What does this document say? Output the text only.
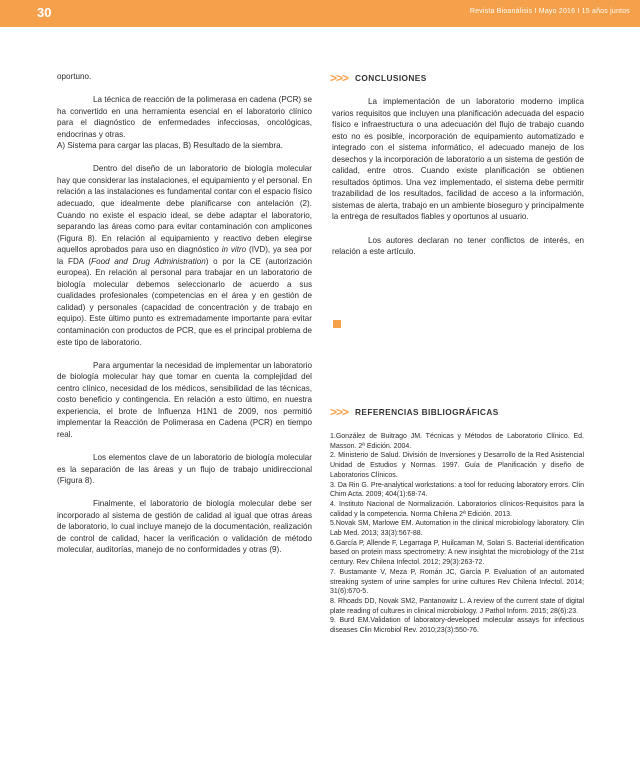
30	Revista Bioanálisis I Mayo 2016 I 15 años juntos

oportuno.

La técnica de reacción de la polimerasa en cadena (PCR) se ha convertido en una herramienta esencial en el laboratorio clínico para el diagnóstico de enfermedades infecciosas, oncológicas, endocrinas y otras.
A) Sistema para cargar las placas, B) Resultado de la siembra.

Dentro del diseño de un laboratorio de biología molecular hay que considerar las instalaciones, el equipamiento y el personal. En relación a las instalaciones es fundamental contar con el espacio físico adecuado, que idealmente debe planificarse con antelación (2). Cuando no existe el espacio ideal, se debe adaptar el laboratorio, separando las áreas como para evitar contaminación con amplicones (Figura 8). En relación al equipamiento y reactivo deben elegirse aquellos aprobados para uso en diagnóstico in vitro (IVD), ya sea por la FDA (Food and Drug Administration) o por la CE (autorización europea). En relación al personal para trabajar en un laboratorio de biología molecular debemos seleccionarlo de acuerdo a sus cualidades profesionales (competencias en el área y en gestión de calidad) y personales (capacidad de concentración y de trabajo en equipo). Este último punto es extremadamente importante para evitar contaminación con productos de PCR, que es el principal problema de este tipo de laboratorio.

Para argumentar la necesidad de implementar un laboratorio de biología molecular hay que tomar en cuenta la complejidad del centro clínico, necesidad de los médicos, sensibilidad de las técnicas, costo beneficio y contingencia. En relación a esto último, en nuestra experiencia, el brote de Influenza H1N1 de 2009, nos permitió implementar la Reacción de Polimerasa en Cadena (PCR) en tiempo real.

Los elementos clave de un laboratorio de biología molecular es la separación de las áreas y un flujo de trabajo unidireccional (Figura 8).

Finalmente, el laboratorio de biología molecular debe ser incorporado al sistema de gestión de calidad al igual que otras áreas de laboratorio, lo cual incluye manejo de la documentación, realización de control de calidad, hacer la verificación o validación de método molecular, auditorías, manejo de no conformidades y otras (9).

>>> CONCLUSIONES

La implementación de un laboratorio moderno implica varios requisitos que incluyen una planificación adecuada del espacio físico e infraestructura o una adecuación del flujo de trabajo cuando esto no es posible, incorporación de equipamiento automatizado e integrado con el sistema informático, el adecuado manejo de los desechos y la incorporación de laboratorio a un sistema de gestión de calidad, entre otros. Cuando existe planificación se obtienen resultados óptimos. Una vez implementado, el sistema debe permitir trazabilidad de los resultados, facilidad de acceso a la información, sistemas de alerta, trabajo en un ambiente bioseguro y principalmente la entrega de resultados fiables y oportunos al usuario.

Los autores declaran no tener conflictos de interés, en relación a este artículo.

>>> REFERENCIAS BIBLIOGRÁFICAS
1.González de Buitrago JM. Técnicas y Métodos de Laboratorio Clínico. Ed. Masson. 2ª Edición. 2004.
2. Ministerio de Salud. División de Inversiones y Desarrollo de la Red Asistencial Unidad de Estudios y Normas. 1997. Guía de Planificación y diseño de Laboratorios Clínicos.
3. Da Rin G. Pre-analytical workstations: a tool for reducing laboratory errors. Clin Chim Acta. 2009; 404(1):68-74.
4. Instituto Nacional de Normalización. Laboratorios clínicos-Requisitos para la calidad y la competencia. Norma Chilena 2ª Edición. 2013.
5.Novak SM, Marlowe EM. Automation in the clinical microbiology laboratory. Clin Lab Med. 2013; 33(3):567-88.
6.García P, Allende F, Legarraga P, Huilcaman M, Solari S. Bacterial identification based on protein mass spectrometry: A new insightat the microbiology of the 21st century. Rev Chilena Infectol. 2012; 29(3):263-72.
7. Bustamante V, Meza P, Román JC, García P. Evaluation of an automated streaking system of urine samples for urine cultures Rev Chilena Infectol. 2014; 31(6):670-5.
8. Rhoads DD, Novak SM2, Pantanowitz L. A review of the current state of digital plate reading of cultures in clinical microbiology. J Pathol Inform. 2015; 28(6):23.
9. Burd EM.Validation of laboratory-developed molecular assays for infectious diseases Clin Microbiol Rev. 2010;23(3):550-76.
